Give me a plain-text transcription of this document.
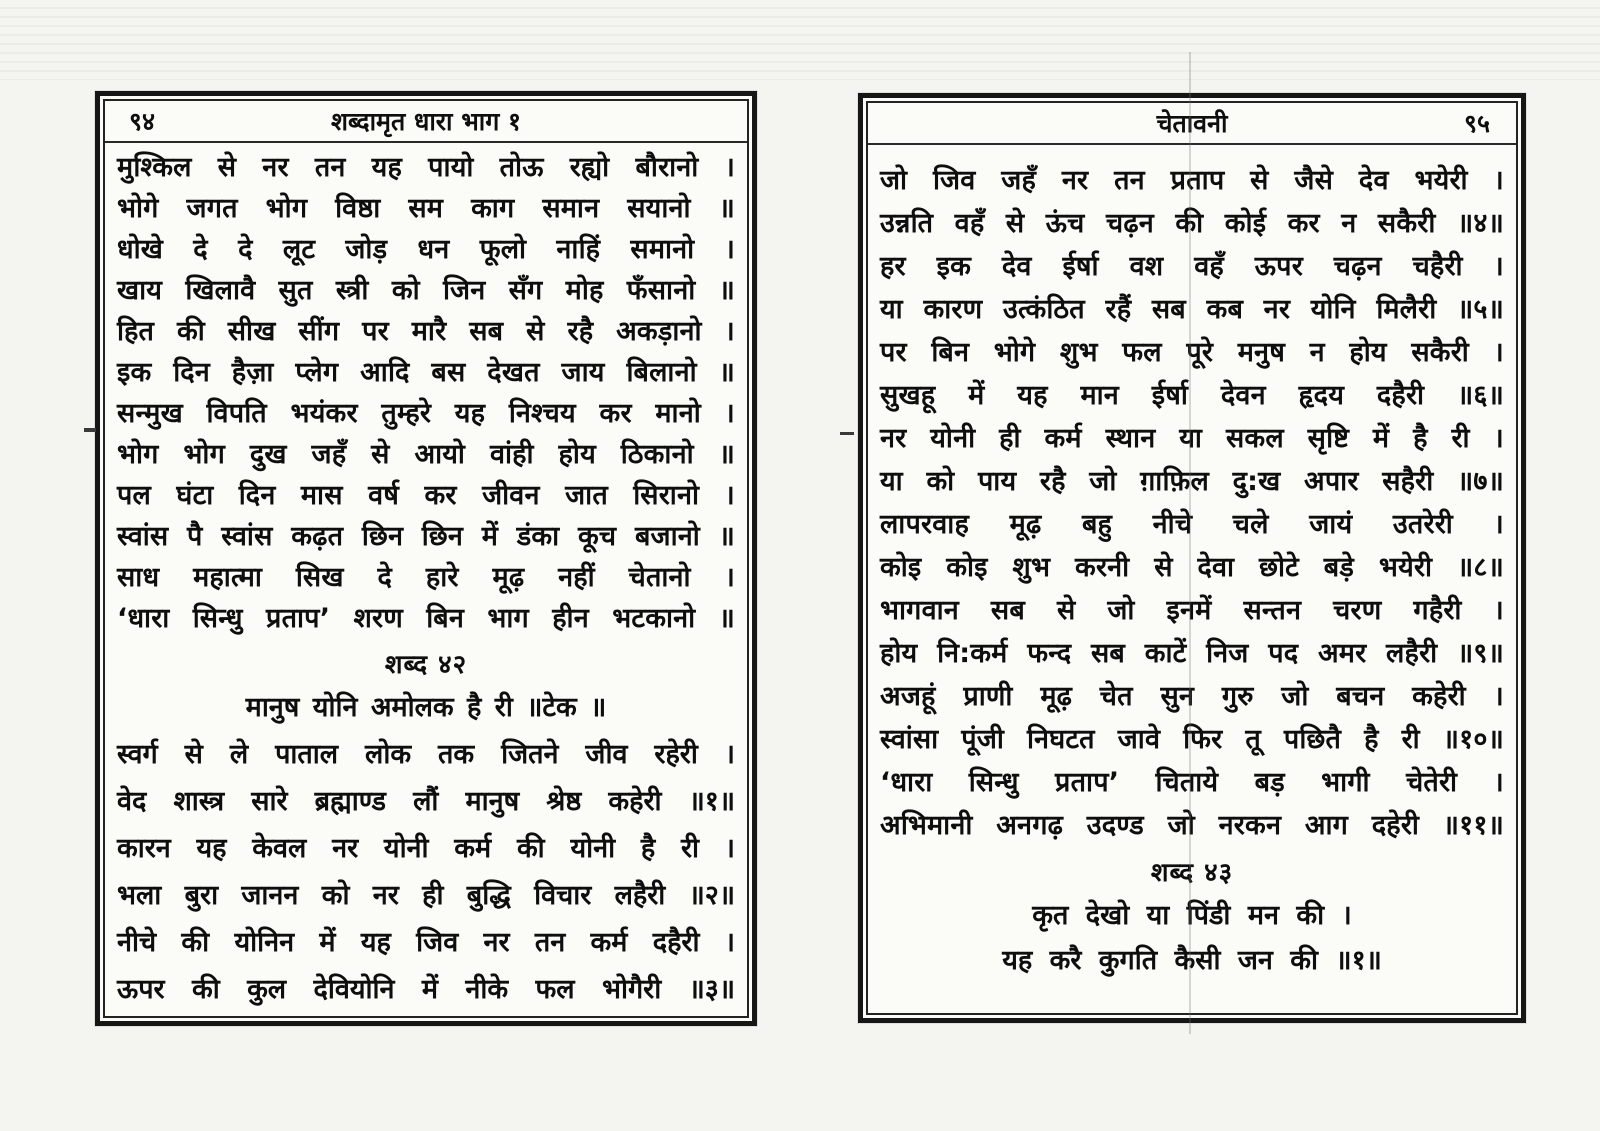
९४	शब्दामृत धारा भाग १
मुश्किल से नर तन यह पायो तोऊ रह्यो बौरानो ।
भोगे जगत भोग विष्ठा सम काग समान सयानो ॥
धोखे दे दे लूट जोड़ धन फूलो नाहिं समानो ।
खाय खिलावै सुत स्त्री को जिन सँग मोह फँसानो ॥
हित की सीख सींग पर मारै सब से रहै अकड़ानो ।
इक दिन हैज़ा प्लेग आदि बस देखत जाय बिलानो ॥
सन्मुख विपति भयंकर तुम्हरे यह निश्चय कर मानो ।
भोग भोग दुख जहँ से आयो वांही होय ठिकानो ॥
पल घंटा दिन मास वर्ष कर जीवन जात सिरानो ।
स्वांस पै स्वांस कढ़त छिन छिन में डंका कूच बजानो ॥
साध महात्मा सिख दे हारे मूढ़ नहीं चेतानो ।
‘धारा सिन्धु प्रताप’ शरण बिन भाग हीन भटकानो ॥
शब्द ४२
मानुष योनि अमोलक है री ॥टेक ॥
स्वर्ग से ले पाताल लोक तक जितने जीव रहेरी ।
वेद शास्त्र सारे ब्रह्माण्ड लौं मानुष श्रेष्ठ कहेरी ॥१॥
कारन यह केवल नर योनी कर्म की योनी है री ।
भला बुरा जानन को नर ही बुद्धि विचार लहैरी ॥२॥
नीचे की योनिन में यह जिव नर तन कर्म दहैरी ।
ऊपर की कुल देवियोनि में नीके फल भोगैरी ॥३॥
चेतावनी	९५
जो जिव जहँ नर तन प्रताप से जैसे देव भयेरी ।
उन्नति वहँ से ऊंच चढ़न की कोई कर न सकैरी ॥४॥
हर इक देव ईर्षा वश वहँ ऊपर चढ़न चहैरी ।
या कारण उत्कंठित रहैं सब कब नर योनि मिलैरी ॥५॥
पर बिन भोगे शुभ फल पूरे मनुष न होय सकैरी ।
सुखहू में यह मान ईर्षा देवन हृदय दहैरी ॥६॥
नर योनी ही कर्म स्थान या सकल सृष्टि में है री ।
या को पाय रहै जो ग़ाफ़िल दु:ख अपार सहैरी ॥७॥
लापरवाह मूढ़ बहु नीचे चले जायं उतरेरी ।
कोइ कोइ शुभ करनी से देवा छोटे बड़े भयेरी ॥८॥
भागवान सब से जो इनमें सन्तन चरण गहैरी ।
होय नि:कर्म फन्द सब काटें निज पद अमर लहैरी ॥९॥
अजहूं प्राणी मूढ़ चेत सुन गुरु जो बचन कहेरी ।
स्वांसा पूंजी निघटत जावे फिर तू पछितै है री ॥१०॥
‘धारा सिन्धु प्रताप’ चिताये बड़ भागी चेतेरी ।
अभिमानी अनगढ़ उदण्ड जो नरकन आग दहेरी ॥११॥
शब्द ४३
कृत देखो या पिंडी मन की ।
यह करै कुगति कैसी जन की ॥१॥
